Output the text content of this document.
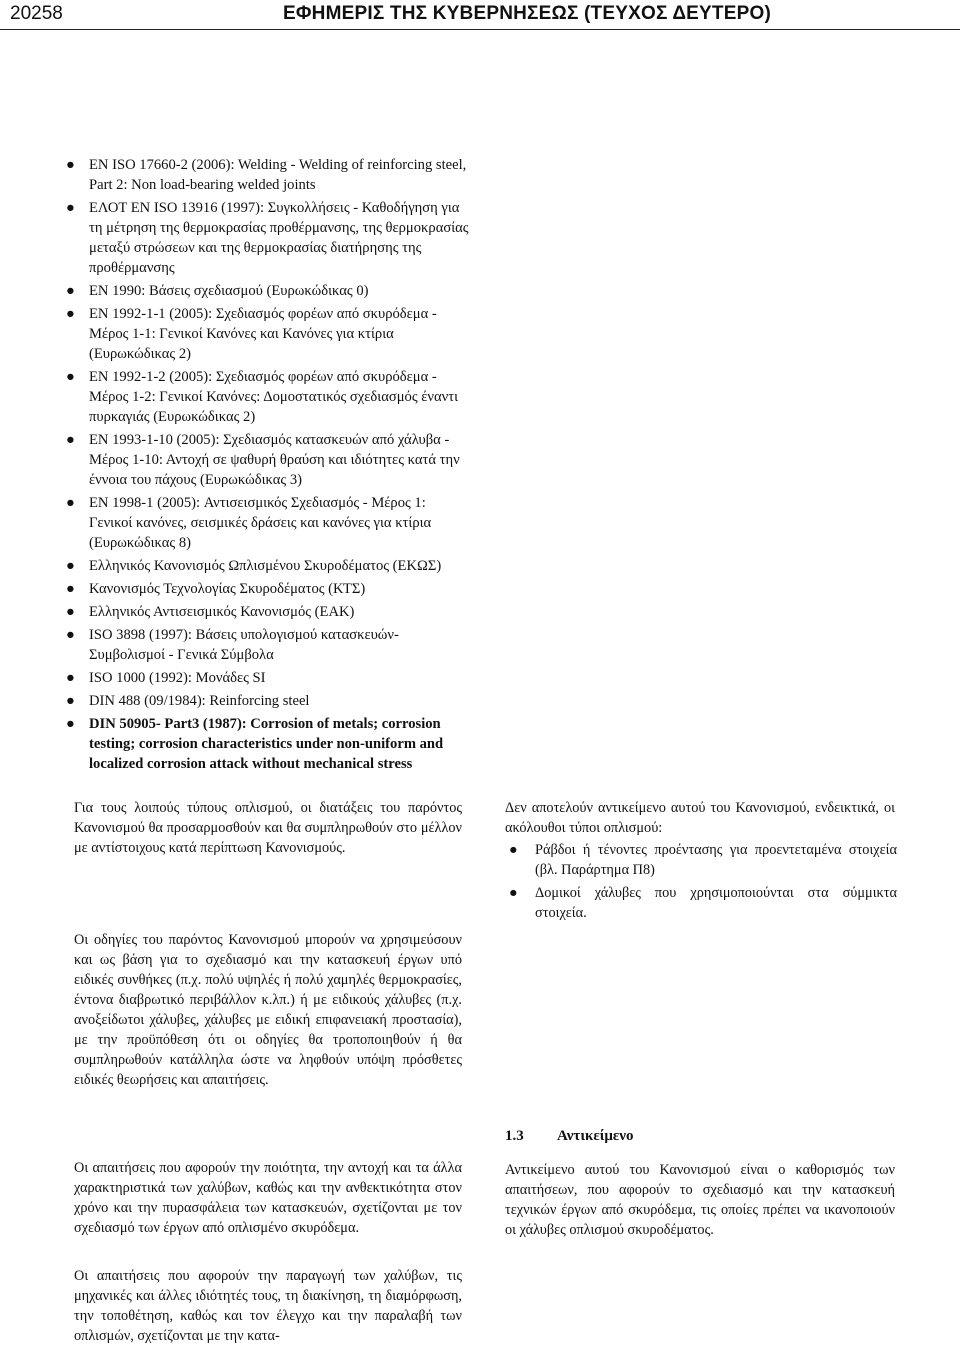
20258	ΕΦΗΜΕΡΙΣ ΤΗΣ ΚΥΒΕΡΝΗΣΕΩΣ (ΤΕΥΧΟΣ ΔΕΥΤΕΡΟ)
● EN ISO 17660-2 (2006): Welding - Welding of reinforcing steel, Part 2: Non load-bearing welded joints
● ΕΛΟΤ EN ISO 13916 (1997): Συγκολλήσεις - Καθοδήγηση για τη μέτρηση της θερμοκρασίας προθέρμανσης, της θερμοκρασίας μεταξύ στρώσεων και της θερμοκρασίας διατήρησης της προθέρμανσης
● EN 1990: Βάσεις σχεδιασμού (Ευρωκώδικας 0)
● EN 1992-1-1 (2005): Σχεδιασμός φορέων από σκυρόδεμα - Μέρος 1-1: Γενικοί Κανόνες και Κανόνες για κτίρια (Ευρωκώδικας 2)
● EN 1992-1-2 (2005): Σχεδιασμός φορέων από σκυρόδεμα - Μέρος 1-2: Γενικοί Κανόνες: Δομοστατικός σχεδιασμός έναντι πυρκαγιάς (Ευρωκώδικας 2)
● EN 1993-1-10 (2005): Σχεδιασμός κατασκευών από χάλυβα - Μέρος 1-10: Αντοχή σε ψαθυρή θραύση και ιδιότητες κατά την έννοια του πάχους (Ευρωκώδικας 3)
● EN 1998-1 (2005): Αντισεισμικός Σχεδιασμός - Μέρος 1: Γενικοί κανόνες, σεισμικές δράσεις και κανόνες για κτίρια (Ευρωκώδικας 8)
● Ελληνικός Κανονισμός Ωπλισμένου Σκυροδέματος (ΕΚΩΣ)
● Κανονισμός Τεχνολογίας Σκυροδέματος (ΚΤΣ)
● Ελληνικός Αντισεισμικός Κανονισμός (ΕΑΚ)
● ISO 3898 (1997): Βάσεις υπολογισμού κατασκευών-Συμβολισμοί - Γενικά Σύμβολα
● ISO 1000 (1992): Μονάδες SI
● DIN 488 (09/1984): Reinforcing steel
● DIN 50905- Part3 (1987): Corrosion of metals; corrosion testing; corrosion characteristics under non-uniform and localized corrosion attack without mechanical stress

Για τους λοιπούς τύπους οπλισμού, οι διατάξεις του παρόντος Κανονισμού θα προσαρμοσθούν και θα συμπληρωθούν στο μέλλον με αντίστοιχους κατά περίπτωση Κανονισμούς.

Οι οδηγίες του παρόντος Κανονισμού μπορούν να χρησιμεύσουν και ως βάση για το σχεδιασμό και την κατασκευή έργων υπό ειδικές συνθήκες (π.χ. πολύ υψηλές ή πολύ χαμηλές θερμοκρασίες, έντονα διαβρωτικό περιβάλλον κ.λπ.) ή με ειδικούς χάλυβες (π.χ. ανοξείδωτοι χάλυβες, χάλυβες με ειδική επιφανειακή προστασία), με την προϋπόθεση ότι οι οδηγίες θα τροποποιηθούν ή θα συμπληρωθούν κατάλληλα ώστε να ληφθούν υπόψη πρόσθετες ειδικές θεωρήσεις και απαιτήσεις.

Οι απαιτήσεις που αφορούν την ποιότητα, την αντοχή και τα άλλα χαρακτηριστικά των χαλύβων, καθώς και την ανθεκτικότητα στον χρόνο και την πυρασφάλεια των κατασκευών, σχετίζονται με τον σχεδιασμό των έργων από οπλισμένο σκυρόδεμα.

Οι απαιτήσεις που αφορούν την παραγωγή των χαλύβων, τις μηχανικές και άλλες ιδιότητές τους, τη διακίνηση, τη διαμόρφωση, την τοποθέτηση, καθώς και τον έλεγχο και την παραλαβή των οπλισμών, σχετίζονται με την κατα-

Δεν αποτελούν αντικείμενο αυτού του Κανονισμού, ενδεικτικά, οι ακόλουθοι τύποι οπλισμού:

● Ράβδοι ή τένοντες προέντασης για προεντεταμένα στοιχεία (βλ. Παράρτημα Π8)
● Δομικοί χάλυβες που χρησιμοποιούνται στα σύμμικτα στοιχεία.
1.3 Αντικείμενο

Αντικείμενο αυτού του Κανονισμού είναι ο καθορισμός των απαιτήσεων, που αφορούν το σχεδιασμό και την κατασκευή τεχνικών έργων από σκυρόδεμα, τις οποίες πρέπει να ικανοποιούν οι χάλυβες οπλισμού σκυροδέματος.
